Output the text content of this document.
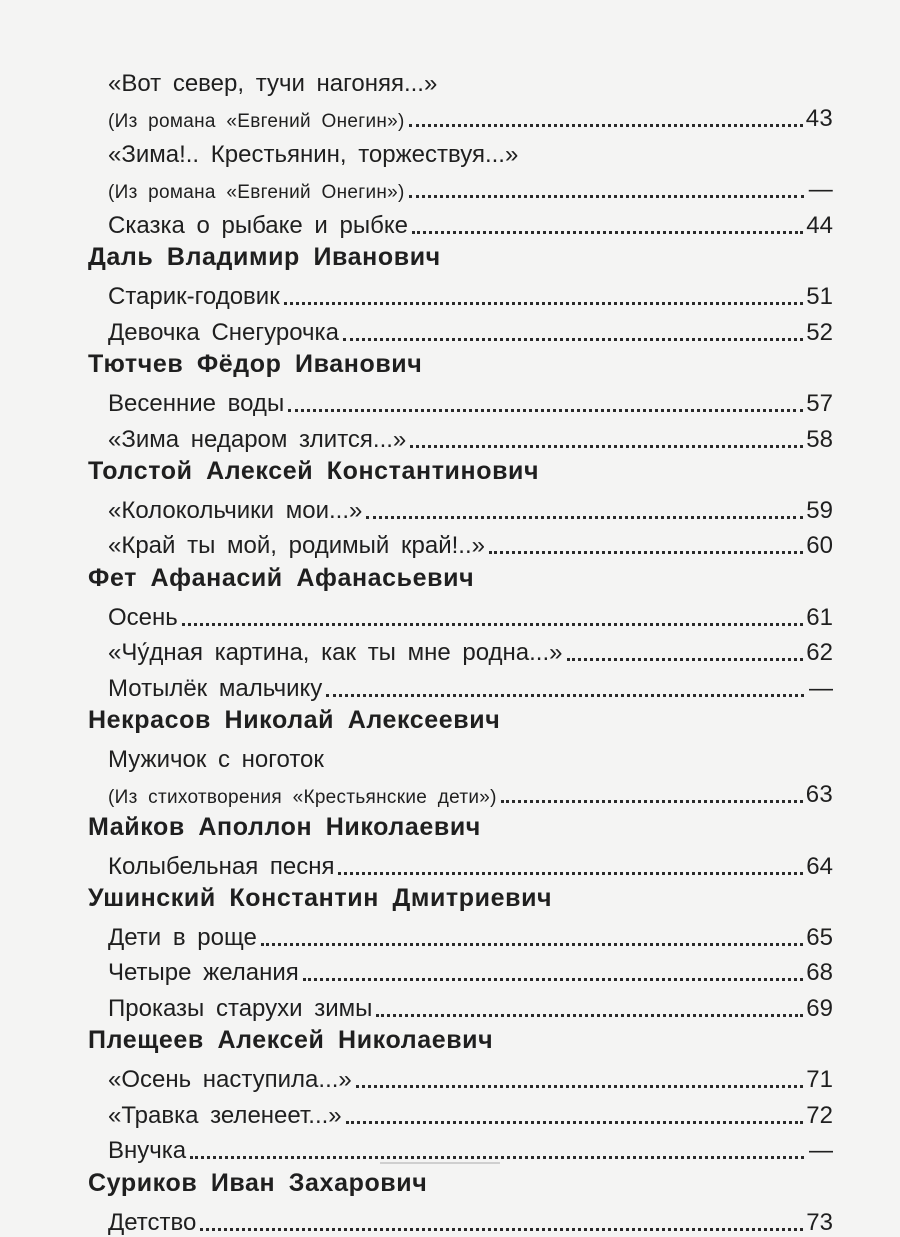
«Вот север, тучи нагоняя...»
(Из романа «Евгений Онегин»)	43
«Зима!.. Крестьянин, торжествуя...»
(Из романа «Евгений Онегин»)	—
Сказка о рыбаке и рыбке	44
Даль Владимир Иванович
Старик-годовик	51
Девочка Снегурочка	52
Тютчев Фёдор Иванович
Весенние воды	57
«Зима недаром злится...»	58
Толстой Алексей Константинович
«Колокольчики мои...»	59
«Край ты мой, родимый край!..»	60
Фет Афанасий Афанасьевич
Осень	61
«Чу́дная картина, как ты мне родна...»	62
Мотылёк мальчику	—
Некрасов Николай Алексеевич
Мужичок с ноготок
(Из стихотворения «Крестьянские дети»)	63
Майков Аполлон Николаевич
Колыбельная песня	64
Ушинский Константин Дмитриевич
Дети в роще	65
Четыре желания	68
Проказы старухи зимы	69
Плещеев Алексей Николаевич
«Осень наступила...»	71
«Травка зеленеет...»	72
Внучка	—
Суриков Иван Захарович
Детство	73
